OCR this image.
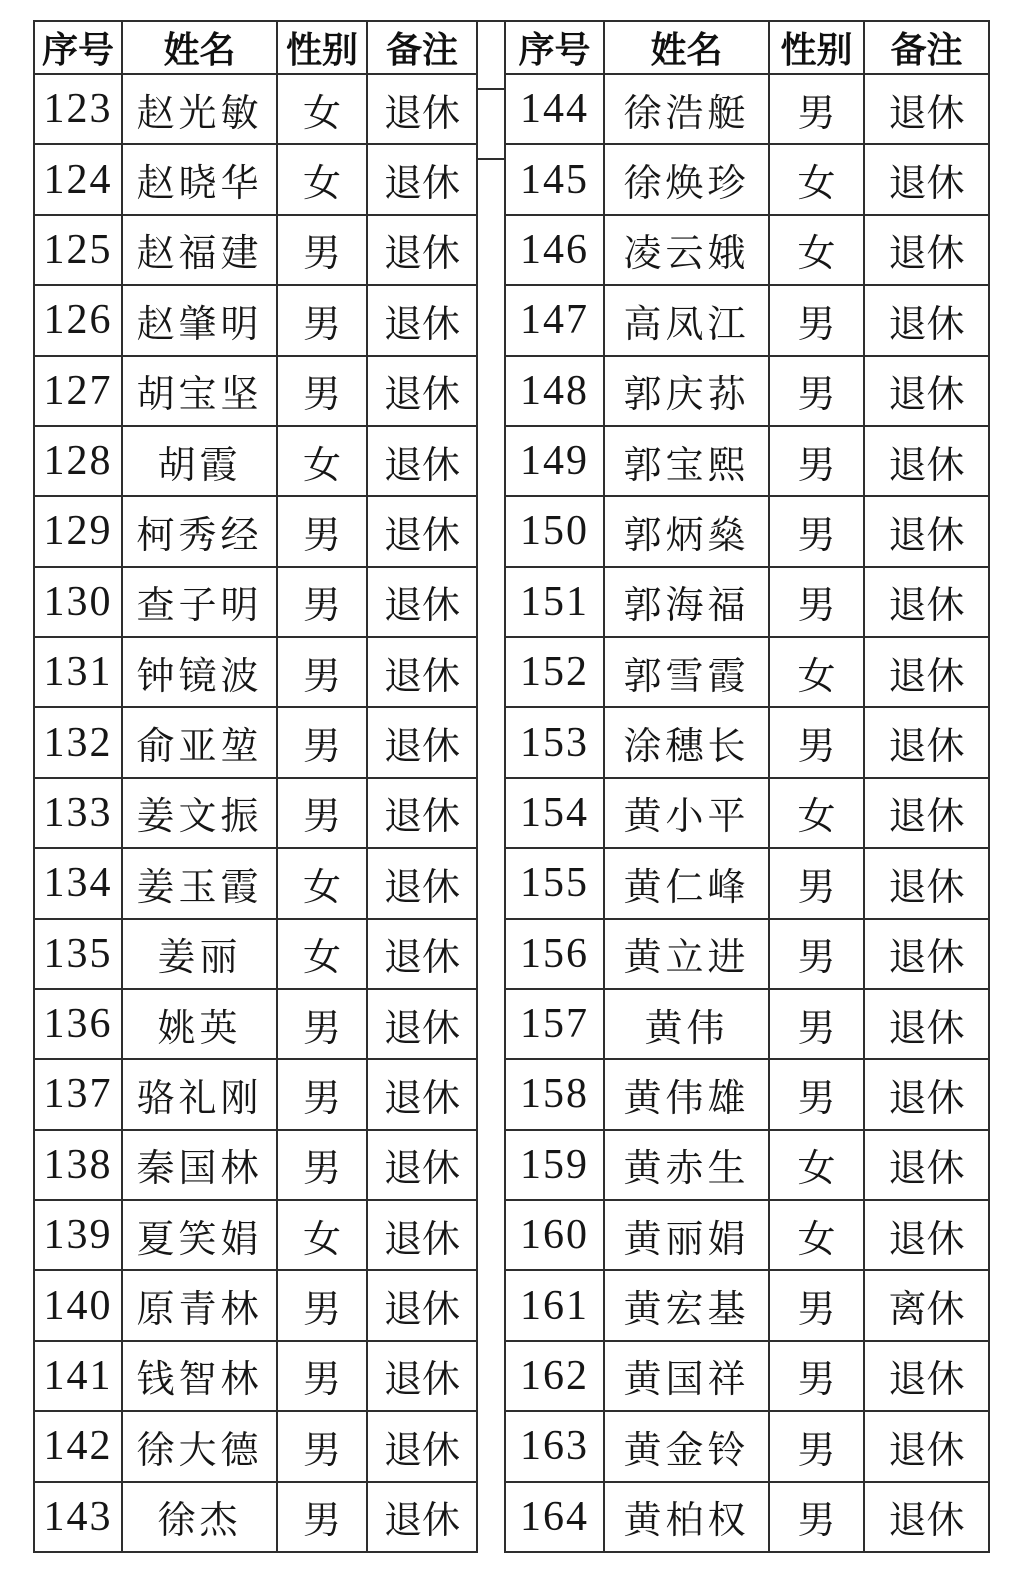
序号	姓名	性别	备注
123	赵光敏	女	退休
124	赵晓华	女	退休
125	赵福建	男	退休
126	赵肇明	男	退休
127	胡宝坚	男	退休
128	胡霞	女	退休
129	柯秀经	男	退休
130	查子明	男	退休
131	钟镜波	男	退休
132	俞亚堃	男	退休
133	姜文振	男	退休
134	姜玉霞	女	退休
135	姜丽	女	退休
136	姚英	男	退休
137	骆礼刚	男	退休
138	秦国林	男	退休
139	夏笑娟	女	退休
140	原青林	男	退休
141	钱智林	男	退休
142	徐大德	男	退休
143	徐杰	男	退休
序号	姓名	性别	备注
144	徐浩艇	男	退休
145	徐焕珍	女	退休
146	凌云娥	女	退休
147	高凤江	男	退休
148	郭庆荪	男	退休
149	郭宝熙	男	退休
150	郭炳燊	男	退休
151	郭海福	男	退休
152	郭雪霞	女	退休
153	涂穗长	男	退休
154	黄小平	女	退休
155	黄仁峰	男	退休
156	黄立进	男	退休
157	黄伟	男	退休
158	黄伟雄	男	退休
159	黄赤生	女	退休
160	黄丽娟	女	退休
161	黄宏基	男	离休
162	黄国祥	男	退休
163	黄金铃	男	退休
164	黄柏权	男	退休
